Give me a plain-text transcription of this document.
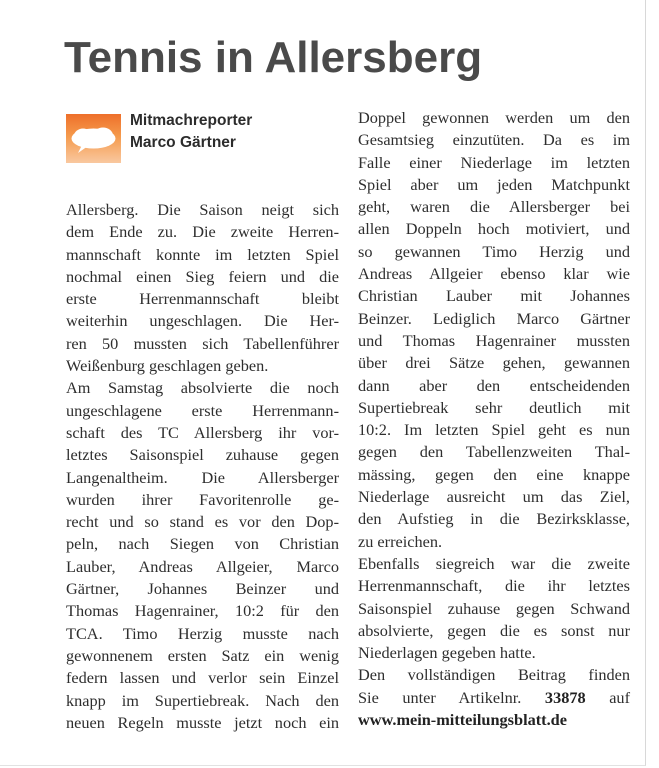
Tennis in Allersberg
Mitmachreporter
Marco Gärtner
Allersberg. Die Saison neigt sich
dem Ende zu. Die zweite Herren-
mannschaft konnte im letzten Spiel
nochmal einen Sieg feiern und die
erste Herrenmannschaft bleibt
weiterhin ungeschlagen. Die Her-
ren 50 mussten sich Tabellenführer
Weißenburg geschlagen geben.
Am Samstag absolvierte die noch
ungeschlagene erste Herrenmann-
schaft des TC Allersberg ihr vor-
letztes Saisonspiel zuhause gegen
Langenaltheim. Die Allersberger
wurden ihrer Favoritenrolle ge-
recht und so stand es vor den Dop-
peln, nach Siegen von Christian
Lauber, Andreas Allgeier, Marco
Gärtner, Johannes Beinzer und
Thomas Hagenrainer, 10:2 für den
TCA. Timo Herzig musste nach
gewonnenem ersten Satz ein wenig
federn lassen und verlor sein Einzel
knapp im Supertiebreak. Nach den
neuen Regeln musste jetzt noch ein
Doppel gewonnen werden um den
Gesamtsieg einzutüten. Da es im
Falle einer Niederlage im letzten
Spiel aber um jeden Matchpunkt
geht, waren die Allersberger bei
allen Doppeln hoch motiviert, und
so gewannen Timo Herzig und
Andreas Allgeier ebenso klar wie
Christian Lauber mit Johannes
Beinzer. Lediglich Marco Gärtner
und Thomas Hagenrainer mussten
über drei Sätze gehen, gewannen
dann aber den entscheidenden
Supertiebreak sehr deutlich mit
10:2. Im letzten Spiel geht es nun
gegen den Tabellenzweiten Thal-
mässing, gegen den eine knappe
Niederlage ausreicht um das Ziel,
den Aufstieg in die Bezirksklasse,
zu erreichen.
Ebenfalls siegreich war die zweite
Herrenmannschaft, die ihr letztes
Saisonspiel zuhause gegen Schwand
absolvierte, gegen die es sonst nur
Niederlagen gegeben hatte.
Den vollständigen Beitrag finden
Sie unter Artikelnr. 33878 auf
www.mein-mitteilungsblatt.de
